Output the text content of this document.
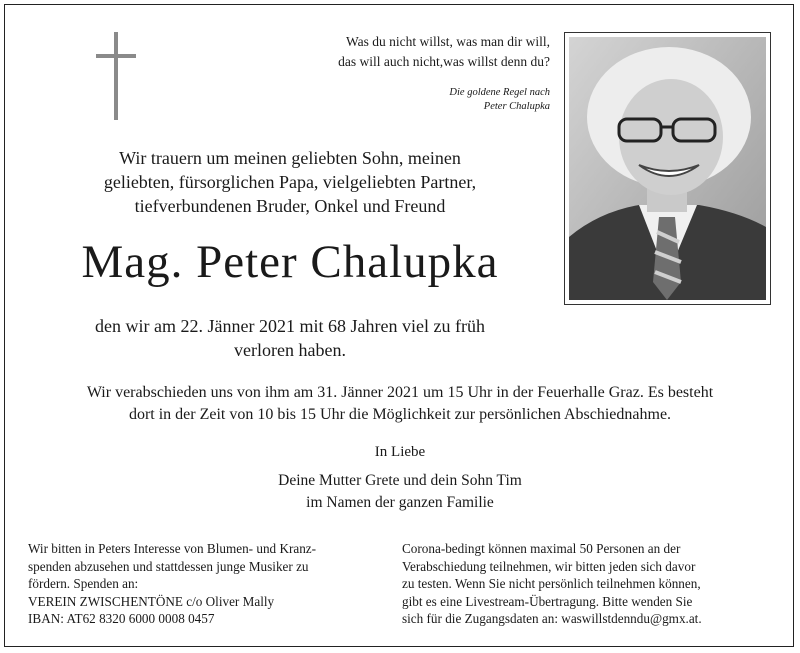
Was du nicht willst, was man dir will,
das will auch nicht,was willst denn du?
Die goldene Regel nach
Peter Chalupka
Wir trauern um meinen geliebten Sohn, meinen
geliebten, fürsorglichen Papa, vielgeliebten Partner,
tiefverbundenen Bruder, Onkel und Freund
Mag. Peter Chalupka
den wir am 22. Jänner 2021 mit 68 Jahren viel zu früh
verloren haben.
Wir verabschieden uns von ihm am 31. Jänner 2021 um 15 Uhr in der Feuerhalle Graz. Es besteht
dort in der Zeit von 10 bis 15 Uhr die Möglichkeit zur persönlichen Abschiednahme.
In Liebe
Deine Mutter Grete und dein Sohn Tim
im Namen der ganzen Familie
Wir bitten in Peters Interesse von Blumen- und Kranz-
spenden abzusehen und stattdessen junge Musiker zu
fördern. Spenden an:
VEREIN ZWISCHENTÖNE c/o Oliver Mally
IBAN: AT62 8320 6000 0008 0457
Corona-bedingt können maximal 50 Personen an der
Verabschiedung teilnehmen, wir bitten jeden sich davor
zu testen. Wenn Sie nicht persönlich teilnehmen können,
gibt es eine Livestream-Übertragung. Bitte wenden Sie
sich für die Zugangsdaten an: waswillstdenndu@gmx.at.
